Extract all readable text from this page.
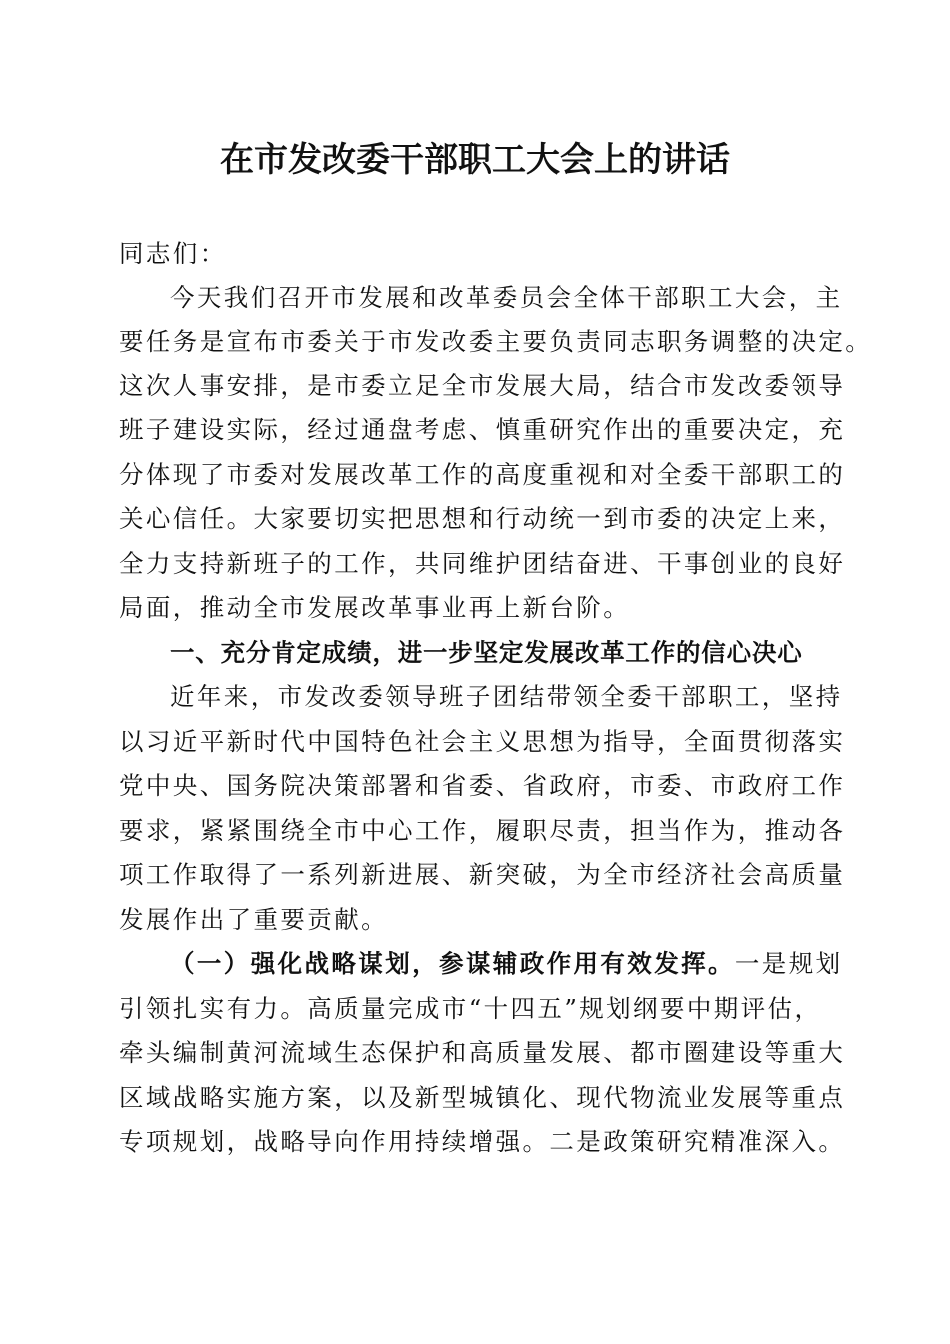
在市发改委干部职工大会上的讲话

同志们：

今天我们召开市发展和改革委员会全体干部职工大会，主

要任务是宣布市委关于市发改委主要负责同志职务调整的决定。

这次人事安排，是市委立足全市发展大局，结合市发改委领导

班子建设实际，经过通盘考虑、慎重研究作出的重要决定，充

分体现了市委对发展改革工作的高度重视和对全委干部职工的

关心信任。大家要切实把思想和行动统一到市委的决定上来，

全力支持新班子的工作，共同维护团结奋进、干事创业的良好

局面，推动全市发展改革事业再上新台阶。

一、充分肯定成绩，进一步坚定发展改革工作的信心决心

近年来，市发改委领导班子团结带领全委干部职工，坚持

以习近平新时代中国特色社会主义思想为指导，全面贯彻落实

党中央、国务院决策部署和省委、省政府，市委、市政府工作

要求，紧紧围绕全市中心工作，履职尽责，担当作为，推动各

项工作取得了一系列新进展、新突破，为全市经济社会高质量

发展作出了重要贡献。

（一）强化战略谋划，参谋辅政作用有效发挥。一是规划

引领扎实有力。高质量完成市“十四五”规划纲要中期评估，

牵头编制黄河流域生态保护和高质量发展、都市圈建设等重大

区域战略实施方案，以及新型城镇化、现代物流业发展等重点

专项规划，战略导向作用持续增强。二是政策研究精准深入。
